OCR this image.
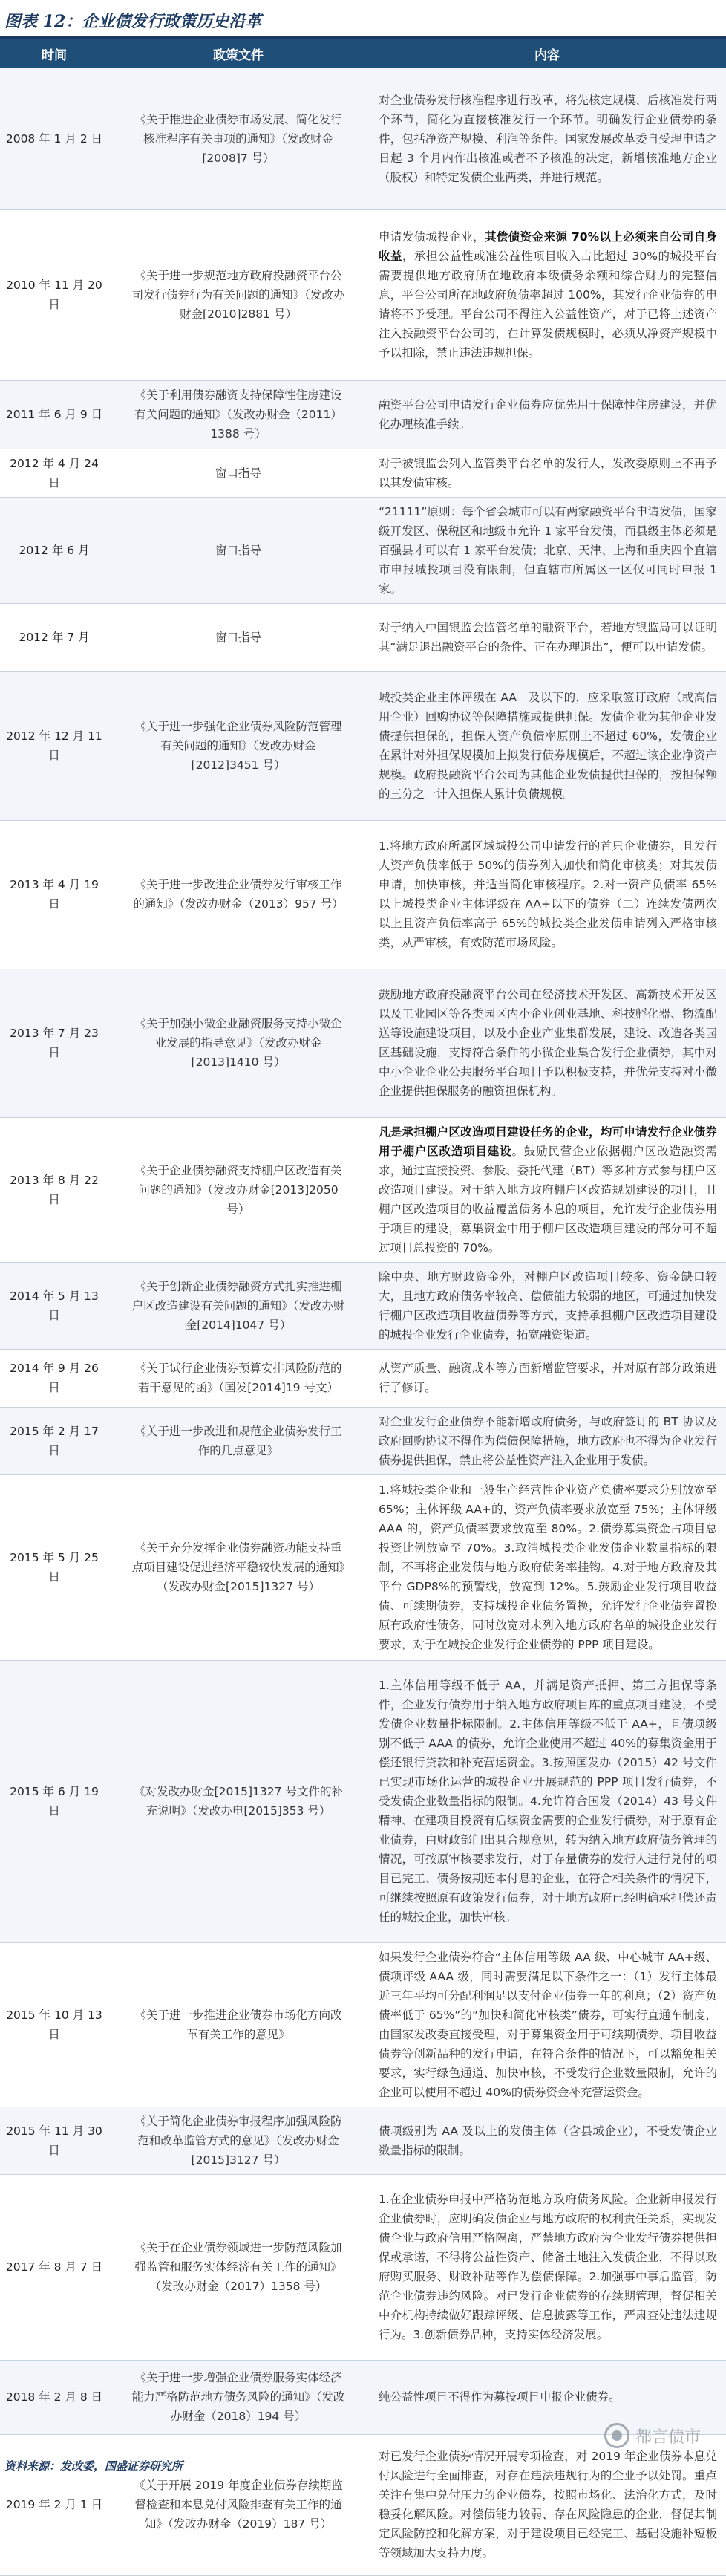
图表 12：企业债发行政策历史沿革
时间	政策文件	内容
2008 年 1 月 2 日	《关于推进企业债券市场发展、简化发行核准程序有关事项的通知》（发改财金[2008]7 号）	对企业债券发行核准程序进行改革，将先核定规模、后核准发行两个环节，简化为直接核准发行一个环节。明确发行企业债券的条件，包括净资产规模、利润等条件。国家发展改革委自受理申请之日起 3 个月内作出核准或者不予核准的决定，新增核准地方企业（股权）和特定发债企业两类，并进行规范。
2010 年 11 月 20 日	《关于进一步规范地方政府投融资平台公司发行债券行为有关问题的通知》（发改办财金[2010]2881 号）	申请发债城投企业，其偿债资金来源 70%以上必须来自公司自身收益，承担公益性或准公益性项目收入占比超过 30%的城投平台需要提供地方政府所在地政府本级债务余额和综合财力的完整信息，平台公司所在地政府负债率超过 100%，其发行企业债券的申请将不予受理。平台公司不得注入公益性资产，对于已将上述资产注入投融资平台公司的，在计算发债规模时，必须从净资产规模中予以扣除，禁止违法违规担保。
2011 年 6 月 9 日	《关于利用债券融资支持保障性住房建设有关问题的通知》（发改办财金（2011）1388 号）	融资平台公司申请发行企业债券应优先用于保障性住房建设，并优化办理核准手续。
2012 年 4 月 24 日	窗口指导	对于被银监会列入监管类平台名单的发行人，发改委原则上不再予以其发债审核。
2012 年 6 月	窗口指导	“21111”原则：每个省会城市可以有两家融资平台申请发债，国家级开发区、保税区和地级市允许 1 家平台发债，而县级主体必须是百强县才可以有 1 家平台发债；北京、天津、上海和重庆四个直辖市申报城投项目没有限制，但直辖市所属区一区仅可同时申报 1 家。
2012 年 7 月	窗口指导	对于纳入中国银监会监管名单的融资平台，若地方银监局可以证明其“满足退出融资平台的条件、正在办理退出”，便可以申请发债。
2012 年 12 月 11 日	《关于进一步强化企业债券风险防范管理有关问题的通知》（发改办财金[2012]3451 号）	城投类企业主体评级在 AA－及以下的，应采取签订政府（或高信用企业）回购协议等保障措施或提供担保。发债企业为其他企业发债提供担保的，担保人资产负债率原则上不超过 60%，发债企业在累计对外担保规模加上拟发行债券规模后，不超过该企业净资产规模。政府投融资平台公司为其他企业发债提供担保的，按担保额的三分之一计入担保人累计负债规模。
2013 年 4 月 19 日	《关于进一步改进企业债券发行审核工作的通知》（发改办财金（2013）957 号）	1.将地方政府所属区域城投公司申请发行的首只企业债券，且发行人资产负债率低于 50%的债券列入加快和简化审核类；对其发债申请，加快审核，并适当简化审核程序。2.对一资产负债率 65%以上城投类企业主体评级在 AA+以下的债券（二）连续发债两次以上且资产负债率高于 65%的城投类企业发债申请列入严格审核类，从严审核，有效防范市场风险。
2013 年 7 月 23 日	《关于加强小微企业融资服务支持小微企业发展的指导意见》（发改办财金[2013]1410 号）	鼓励地方政府投融资平台公司在经济技术开发区、高新技术开发区以及工业园区等各类园区内小企业创业基地、科技孵化器、物流配送等设施建设项目，以及小企业产业集群发展，建设、改造各类园区基础设施，支持符合条件的小微企业集合发行企业债券，其中对中小企业企业公共服务平台项目予以积极支持，并优先支持对小微企业提供担保服务的融资担保机构。
2013 年 8 月 22 日	《关于企业债券融资支持棚户区改造有关问题的通知》（发改办财金[2013]2050 号）	凡是承担棚户区改造项目建设任务的企业，均可申请发行企业债券用于棚户区改造项目建设。鼓励民营企业依据棚户区改造融资需求，通过直接投资、参股、委托代建（BT）等多种方式参与棚户区改造项目建设。对于纳入地方政府棚户区改造规划建设的项目，且棚户区改造项目的收益覆盖债务本息的项目，允许发行企业债券用于项目的建设，募集资金中用于棚户区改造项目建设的部分可不超过项目总投资的 70%。
2014 年 5 月 13 日	《关于创新企业债券融资方式扎实推进棚户区改造建设有关问题的通知》（发改办财金[2014]1047 号）	除中央、地方财政资金外，对棚户区改造项目较多、资金缺口较大，且地方政府债务率较高、偿债能力较弱的地区，可通过加快发行棚户区改造项目收益债券等方式，支持承担棚户区改造项目建设的城投企业发行企业债券，拓宽融资渠道。
2014 年 9 月 26 日	《关于试行企业债券预算安排风险防范的若干意见的函》（国发[2014]19 号文）	从资产质量、融资成本等方面新增监管要求，并对原有部分政策进行了修订。
2015 年 2 月 17 日	《关于进一步改进和规范企业债券发行工作的几点意见》	对企业发行企业债券不能新增政府债务，与政府签订的 BT 协议及政府回购协议不得作为偿债保障措施，地方政府也不得为企业发行债券提供担保，禁止将公益性资产注入企业用于发债。
2015 年 5 月 25 日	《关于充分发挥企业债券融资功能支持重点项目建设促进经济平稳较快发展的通知》（发改办财金[2015]1327 号）	1.将城投类企业和一般生产经营性企业资产负债率要求分别放宽至 65%；主体评级 AA+的，资产负债率要求放宽至 75%；主体评级 AAA 的，资产负债率要求放宽至 80%。2.债券募集资金占项目总投资比例放宽至 70%。3.取消城投类企业发债企业数量指标的限制，不再将企业发债与地方政府债务率挂钩。4.对于地方政府及其平台 GDP8%的预警线，放宽到 12%。5.鼓励企业发行项目收益债、可续期债券，支持城投企业债务置换，允许发行企业债券置换原有政府性债务，同时放宽对未列入地方政府名单的城投企业发行要求，对于在城投企业发行企业债券的 PPP 项目建设。
2015 年 6 月 19 日	《对发改办财金[2015]1327 号文件的补充说明》（发改办电[2015]353 号）	1.主体信用等级不低于 AA，并满足资产抵押、第三方担保等条件，企业发行债券用于纳入地方政府项目库的重点项目建设，不受发债企业数量指标限制。2.主体信用等级不低于 AA+，且债项级别不低于 AAA 的债券，允许企业使用不超过 40%的募集资金用于偿还银行贷款和补充营运资金。3.按照国发办（2015）42 号文件已实现市场化运营的城投企业开展规范的 PPP 项目发行债券，不受发债企业数量指标的限制。4.允许符合国发（2014）43 号文件精神、在建项目投资有后续资金需要的企业发行债券，对于原有企业债券，由财政部门出具合规意见，转为纳入地方政府债务管理的情况，可按原审核要求发行，对于存量债券的发行人进行兑付的项目已完工、债务按期还本付息的企业，在符合相关条件的情况下，可继续按照原有政策发行债券，对于地方政府已经明确承担偿还责任的城投企业，加快审核。
2015 年 10 月 13 日	《关于进一步推进企业债券市场化方向改革有关工作的意见》	如果发行企业债券符合“主体信用等级 AA 级、中心城市 AA+级、债项评级 AAA 级，同时需要满足以下条件之一：（1）发行主体最近三年平均可分配利润足以支付企业债券一年的利息；（2）资产负债率低于 65%”的“加快和简化审核类”债券，可实行直通车制度，由国家发改委直接受理，对于募集资金用于可续期债券、项目收益债券等创新品种的发行申请，在符合条件的情况下，可以豁免相关要求，实行绿色通道、加快审核，不受发行企业数量限制，允许的企业可以使用不超过 40%的债券资金补充营运资金。
2015 年 11 月 30 日	《关于简化企业债券审报程序加强风险防范和改革监管方式的意见》（发改办财金[2015]3127 号）	债项级别为 AA 及以上的发债主体（含县域企业），不受发债企业数量指标的限制。
2017 年 8 月 7 日	《关于在企业债券领域进一步防范风险加强监管和服务实体经济有关工作的通知》（发改办财金（2017）1358 号）	1.在企业债券申报中严格防范地方政府债务风险。企业新申报发行企业债券时，应明确发债企业与地方政府的权利责任关系，实现发债企业与政府信用严格隔离，严禁地方政府为企业发行债券提供担保或承诺，不得将公益性资产、储备土地注入发债企业，不得以政府购买服务、财政补贴等作为偿债保障。2.加强事中事后监管，防范企业债券违约风险。对已发行企业债券的存续期管理，督促相关中介机构持续做好跟踪评级、信息披露等工作，严肃查处违法违规行为。3.创新债券品种，支持实体经济发展。
2018 年 2 月 8 日	《关于进一步增强企业债券服务实体经济能力严格防范地方债务风险的通知》（发改办财金（2018）194 号）	纯公益性项目不得作为募投项目申报企业债券。
2019 年 2 月 1 日	《关于开展 2019 年度企业债券存续期监督检查和本息兑付风险排查有关工作的通知》（发改办财金（2019）187 号）	对已发行企业债券情况开展专项检查，对 2019 年企业债券本息兑付风险进行全面排查，对存在违法违规行为的企业予以处罚。重点关注有集中兑付压力的企业债券，按照市场化、法治化方式，及时稳妥化解风险。对偿债能力较弱、存在风险隐患的企业，督促其制定风险防控和化解方案，对于建设项目已经完工、基础设施补短板等领域加大支持力度。
都言债市
资料来源：发改委，国盛证券研究所
